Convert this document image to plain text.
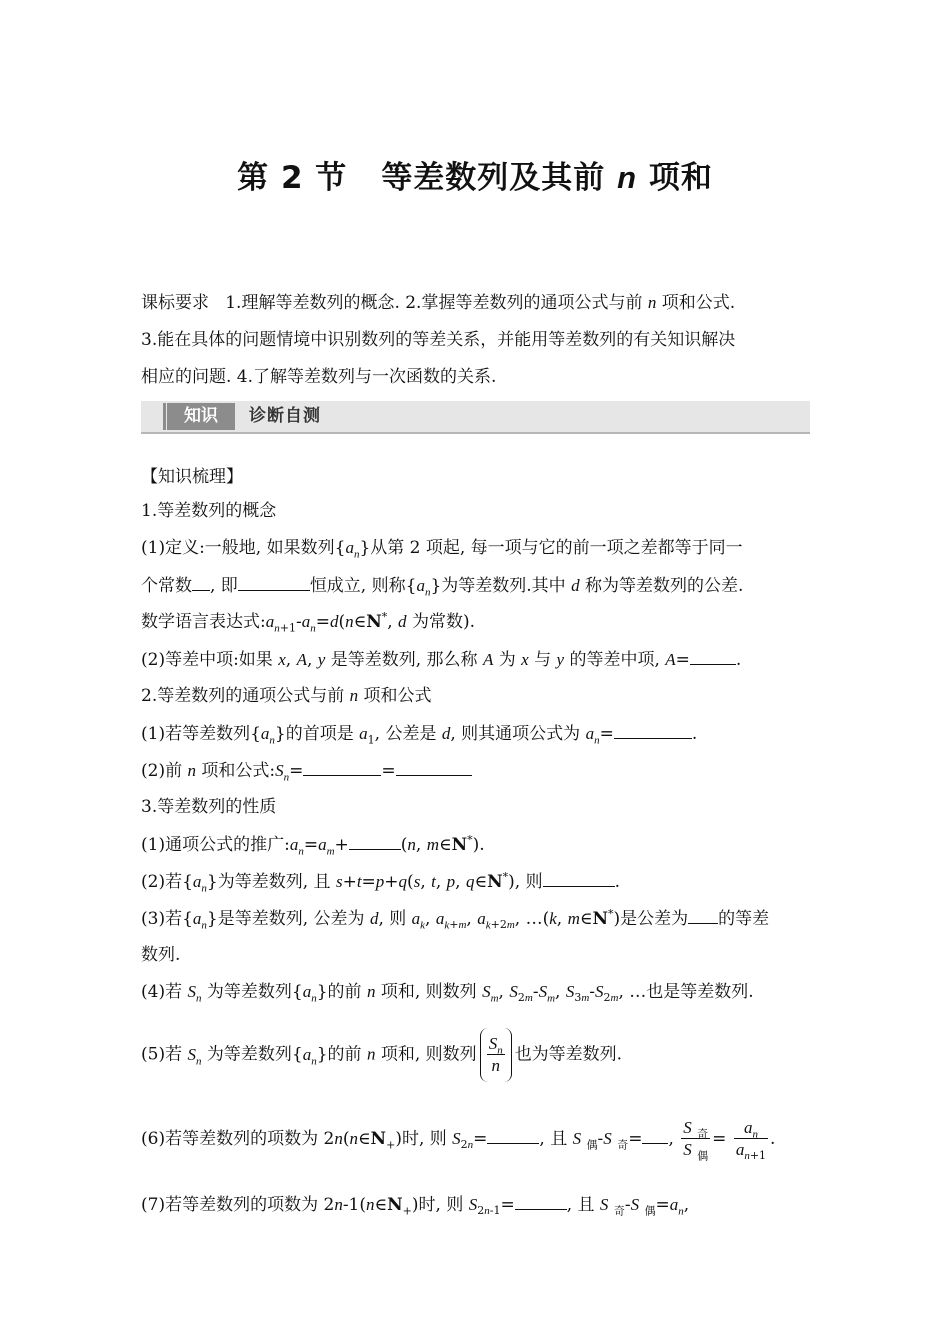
第 2 节 等差数列及其前 n 项和
课标要求 1.理解等差数列的概念. 2.掌握等差数列的通项公式与前 n 项和公式.
3.能在具体的问题情境中识别数列的等差关系，并能用等差数列的有关知识解决
相应的问题. 4.了解等差数列与一次函数的关系.
知识	诊断自测
【知识梳理】
1.等差数列的概念
(1)定义:一般地, 如果数列$\{a_n\}$从第 2 项起, 每一项与它的前一项之差都等于同一
个常数 , 即	恒成立, 则称$\{a_n\}$为等差数列.其中 d 称为等差数列的公差.
数学语言表达式$:a_{n+1}-a_n=d(n\in N^*$, d 为常数).
(2)等差中项:如果 x, A, y 是等差数列, 那么称 A 为 x 与 y 的等差中项, A=	.
2.等差数列的通项公式与前 n 项和公式
(1)若等差数列$\{a_n\}$的首项是 $a_1$, 公差是 d, 则其通项公式为 $a_n=$	.
(2)前 n 项和公式$:S_n=$	=
3.等差数列的性质
(1)通项公式的推广$:a_n=a_m+$	(n, m∈N*).
(2)若$\{a_n\}$为等差数列, 且 s+t=p+q(s, t, p, q∈N*), 则	.
(3)若$\{a_n\}$是等差数列, 公差为 d, 则 $a_k$, $a_{k+m}$, $a_{k+2m}$, …(k, m∈N*)是公差为 的等差
数列.
(4)若 $S_n$ 为等差数列$\{a_n\}$的前 n 项和, 则数列 $S_m$, $S_{2m}-S_m$, $S_{3m}-S_{2m}$, …也是等差数列.
(5)若 $S_n$ 为等差数列$\{a_n\}$的前 n 项和, 则数列 $\frac{S_n}{n}$ 也为等差数列.
(6)若等差数列的项数为 $2n(n\in N_+)$时, 则 $S_{2n}=$	, 且 S $_偶$-S $_奇$= , $\frac{S _奇}{S _偶} = \frac{a_n}{a_{n+1}}$ .
(7)若等差数列的项数为 $2n-1(n\in N_+)$时, 则 $S_{2n-1}=$	, 且 S $_奇$-S $_偶=a_n$,
